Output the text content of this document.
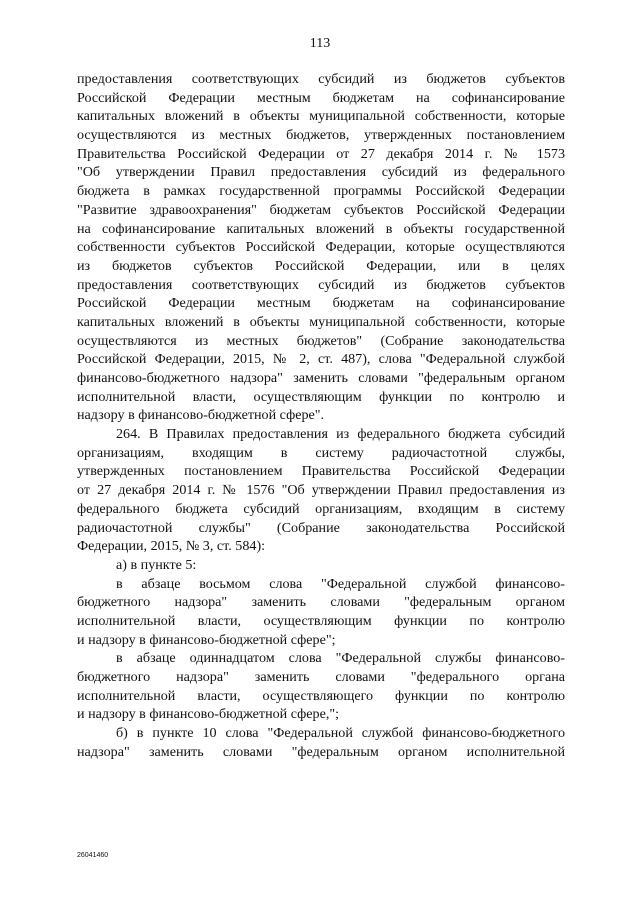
113
предоставления соответствующих субсидий из бюджетов субъектов
Российской Федерации местным бюджетам на софинансирование
капитальных вложений в объекты муниципальной собственности, которые
осуществляются из местных бюджетов, утвержденных постановлением
Правительства Российской Федерации от 27 декабря 2014 г. № 1573
"Об утверждении Правил предоставления субсидий из федерального
бюджета в рамках государственной программы Российской Федерации
"Развитие здравоохранения" бюджетам субъектов Российской Федерации
на софинансирование капитальных вложений в объекты государственной
собственности субъектов Российской Федерации, которые осуществляются
из бюджетов субъектов Российской Федерации, или в целях
предоставления соответствующих субсидий из бюджетов субъектов
Российской Федерации местным бюджетам на софинансирование
капитальных вложений в объекты муниципальной собственности, которые
осуществляются из местных бюджетов" (Собрание законодательства
Российской Федерации, 2015, № 2, ст. 487), слова "Федеральной службой
финансово-бюджетного надзора" заменить словами "федеральным органом
исполнительной власти, осуществляющим функции по контролю и
надзору в финансово-бюджетной сфере".
264. В Правилах предоставления из федерального бюджета субсидий
организациям, входящим в систему радиочастотной службы,
утвержденных постановлением Правительства Российской Федерации
от 27 декабря 2014 г. № 1576 "Об утверждении Правил предоставления из
федерального бюджета субсидий организациям, входящим в систему
радиочастотной службы" (Собрание законодательства Российской
Федерации, 2015, № 3, ст. 584):
а) в пункте 5:
в абзаце восьмом слова "Федеральной службой финансово-
бюджетного надзора" заменить словами "федеральным органом
исполнительной власти, осуществляющим функции по контролю
и надзору в финансово-бюджетной сфере";
в абзаце одиннадцатом слова "Федеральной службы финансово-
бюджетного надзора" заменить словами "федерального органа
исполнительной власти, осуществляющего функции по контролю
и надзору в финансово-бюджетной сфере,";
б) в пункте 10 слова "Федеральной службой финансово-бюджетного
надзора" заменить словами "федеральным органом исполнительной
26041460
